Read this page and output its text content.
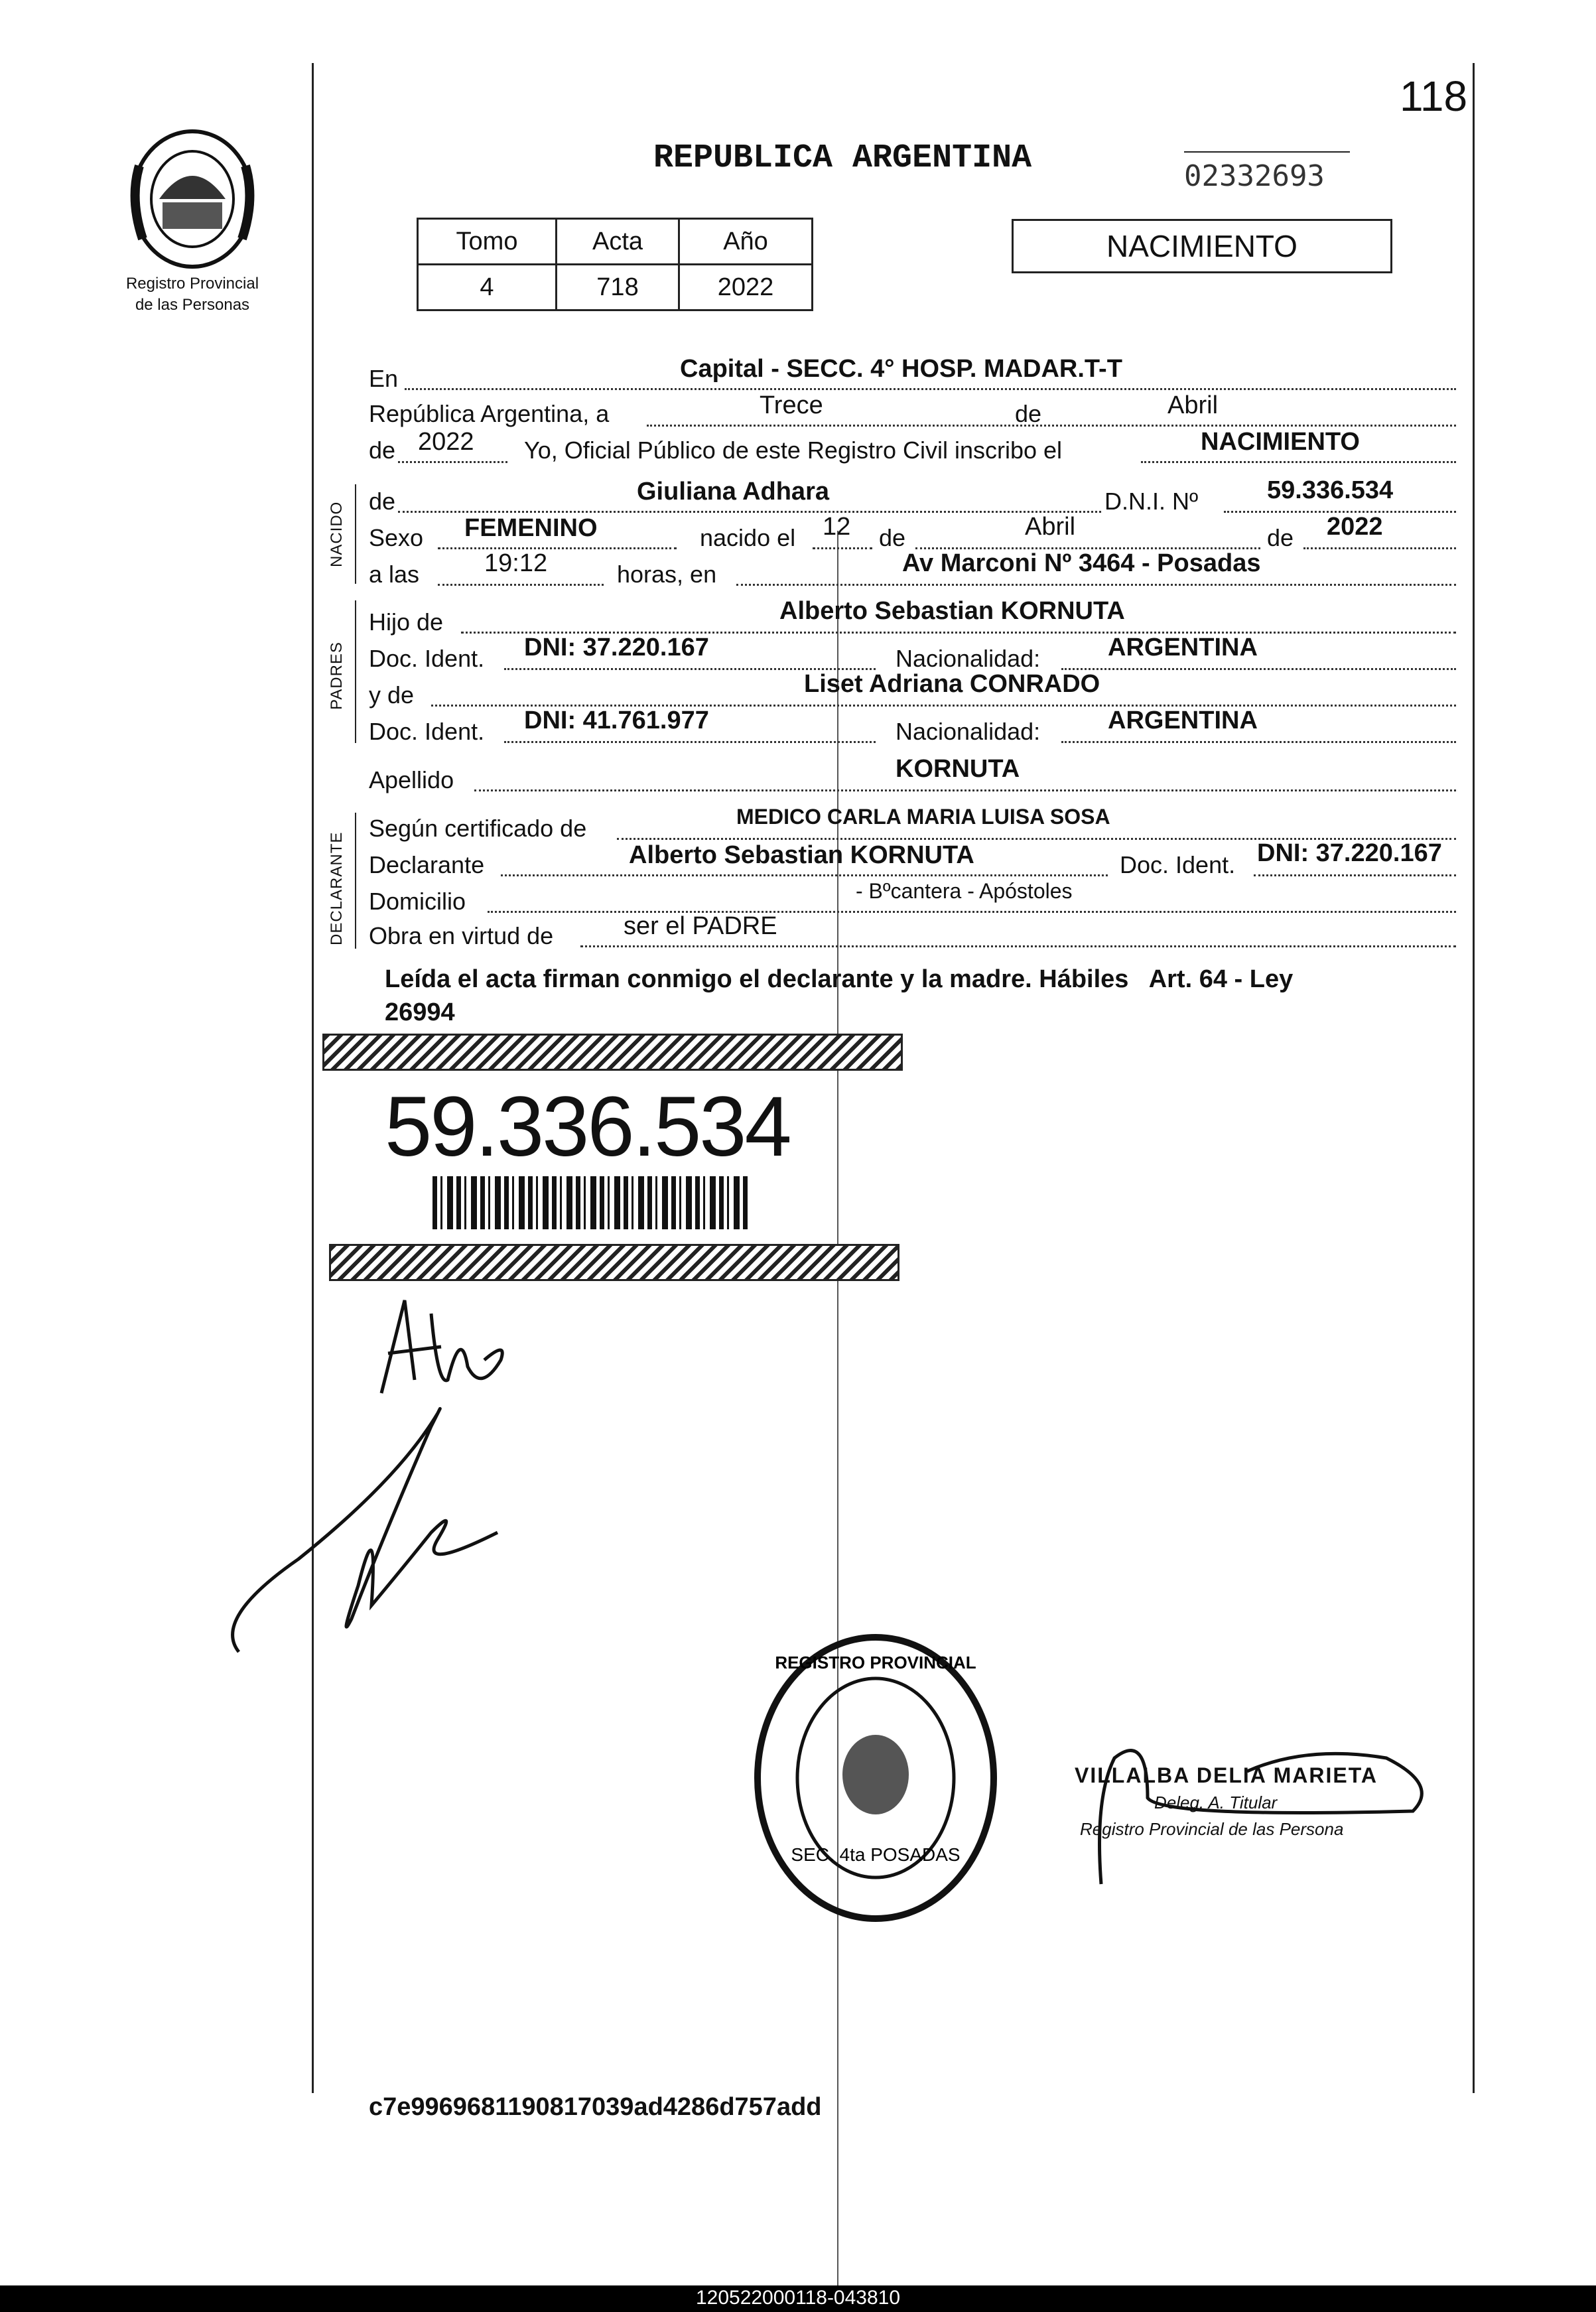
118
Registro Provincial
de las Personas
REPUBLICA ARGENTINA	02332693
NACIMIENTO
Tomo	Acta	Año
4	718	2022
En	Capital - SECC. 4° HOSP. MADAR.T-T
República Argentina, a	Trece	de	Abril
de 2022 Yo, Oficial Público de este Registro Civil inscribo el	NACIMIENTO
NACIDO
de	Giuliana Adhara	D.N.I. Nº	59.336.534
Sexo FEMENINO	nacido el 12 de	Abril	de 2022
a las	19:12	horas, en	Av Marconi Nº 3464 - Posadas
PADRES
Hijo de	Alberto Sebastian KORNUTA
Doc. Ident. DNI: 37.220.167	Nacionalidad:	ARGENTINA
y de	Liset Adriana CONRADO
Doc. Ident. DNI: 41.761.977	Nacionalidad:	ARGENTINA
Apellido	KORNUTA
DECLARANTE
Según certificado de	MEDICO CARLA MARIA LUISA SOSA
Declarante	Alberto Sebastian KORNUTA	Doc. Ident. DNI: 37.220.167
Domicilio	- Bºcantera - Apóstoles
Obra en virtud de	ser el PADRE
Leída el acta firman conmigo el declarante y la madre. Hábiles   Art. 64 - Ley
26994
59.336.534
REGISTRO PROVINCIAL
SEC. 4ta POSADAS
VILLALBA DELIA MARIETA
Deleg. A. Titular
Registro Provincial de las Persona
c7e9969681190817039ad4286d757add
120522000118-043810
